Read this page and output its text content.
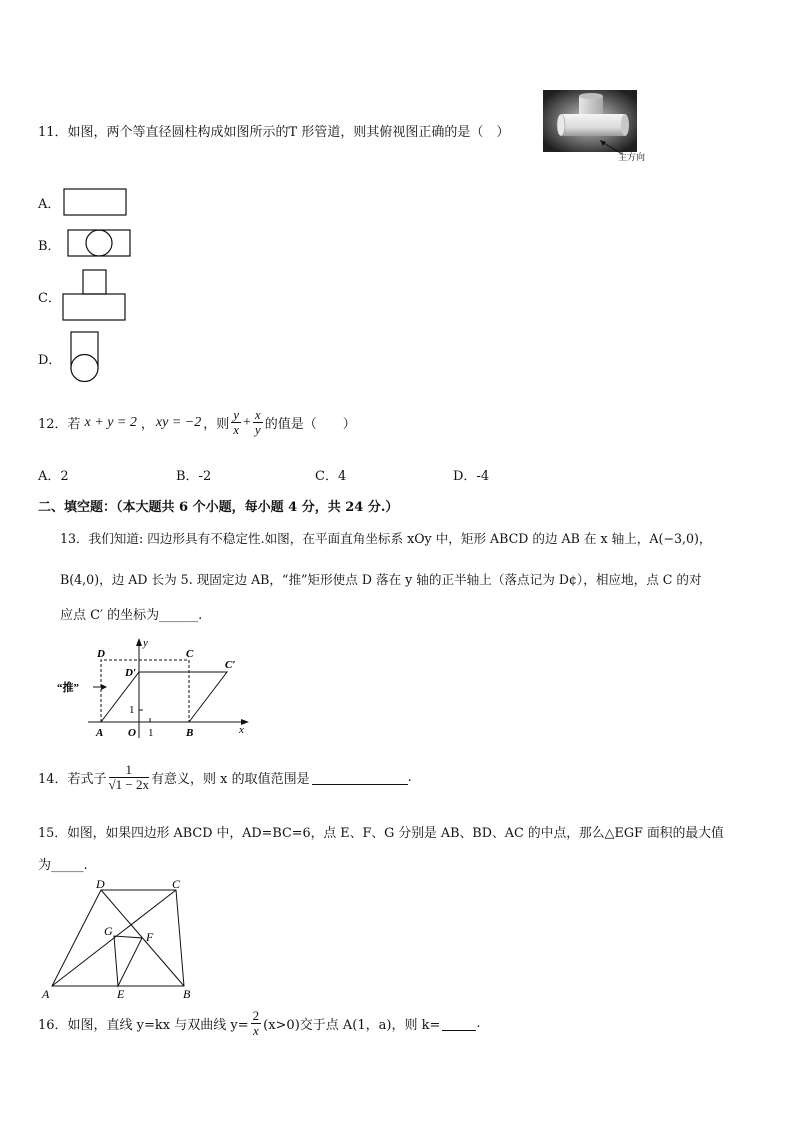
11．如图，两个等直径圆柱构成如图所示的T 形管道，则其俯视图正确的是（　）
主方向
A．
B．
C．
D．
12．若 x + y = 2 ， xy = −2 ，则 $\frac{y}{x} + \frac{x}{y}$ 的值是（　　）
A．2	B．-2	C．4	D．-4
二、填空题：（本大题共 6 个小题，每小题 4 分，共 24 分.）
13．我们知道: 四边形具有不稳定性.如图，在平面直角坐标系 xOy 中，矩形 ABCD 的边 AB 在 x 轴上，A(−3,0)，
B(4,0)，边 AD 长为 5. 现固定边 AB，“推”矩形使点 D 落在 y 轴的正半轴上（落点记为 D¢），相应地，点 C 的对
应点 C′ 的坐标为______.
“推”
D	C
D′
C′
y
x
A O 1	B
1
14．若式子 $\frac{1}{√1 - 2x}$ 有意义，则 x 的取值范围是	.
15．如图，如果四边形 ABCD 中，AD=BC=6，点 E、F、G 分别是 AB、BD、AC 的中点，那么△EGF 面积的最大值
为_____.
D	C
G	F
A	E	B
16．如图，直线 y=kx 与双曲线 $y= \frac{2}{x} (x>0)$交于点 A(1，a)，则 k=	.
